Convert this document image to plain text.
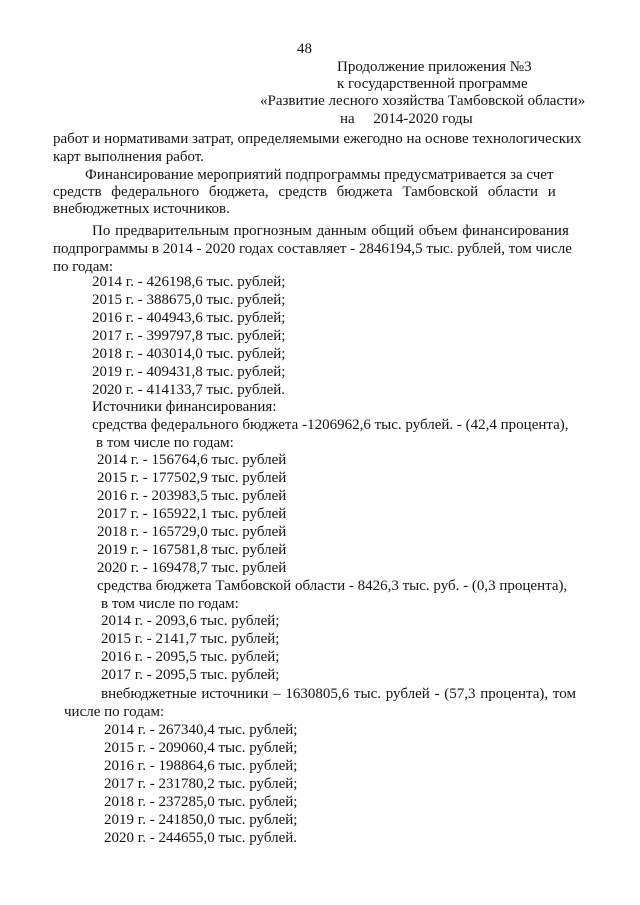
48
Продолжение приложения №3
к государственной программе
«Развитие лесного хозяйства Тамбовской области»
на     2014-2020 годы
работ и нормативами затрат, определяемыми ежегодно на основе технологических
карт выполнения работ.
Финансирование мероприятий подпрограммы предусматривается за счет
средств федерального бюджета, средств бюджета Тамбовской области и
внебюджетных источников.
По предварительным прогнозным данным общий объем финансирования
подпрограммы в 2014 - 2020 годах составляет - 2846194,5 тыс. рублей, том числе
по годам:
2014 г. - 426198,6 тыс. рублей;
2015 г. - 388675,0 тыс. рублей;
2016 г. - 404943,6 тыс. рублей;
2017 г. - 399797,8 тыс. рублей;
2018 г. - 403014,0 тыс. рублей;
2019 г. - 409431,8 тыс. рублей;
2020 г. - 414133,7 тыс. рублей.
Источники финансирования:
средства федерального бюджета -1206962,6 тыс. рублей. - (42,4 процента),
в том числе по годам:
2014 г. - 156764,6 тыс. рублей
2015 г. - 177502,9 тыс. рублей
2016 г. - 203983,5 тыс. рублей
2017 г. - 165922,1 тыс. рублей
2018 г. - 165729,0 тыс. рублей
2019 г. - 167581,8 тыс. рублей
2020 г. - 169478,7 тыс. рублей
средства бюджета Тамбовской области - 8426,3 тыс. руб. - (0,3 процента),
в том числе по годам:
2014 г. - 2093,6 тыс. рублей;
2015 г. - 2141,7 тыс. рублей;
2016 г. - 2095,5 тыс. рублей;
2017 г. - 2095,5 тыс. рублей;
внебюджетные источники – 1630805,6 тыс. рублей - (57,3 процента), том
числе по годам:
2014 г. - 267340,4 тыс. рублей;
2015 г. - 209060,4 тыс. рублей;
2016 г. - 198864,6 тыс. рублей;
2017 г. - 231780,2 тыс. рублей;
2018 г. - 237285,0 тыс. рублей;
2019 г. - 241850,0 тыс. рублей;
2020 г. - 244655,0 тыс. рублей.
